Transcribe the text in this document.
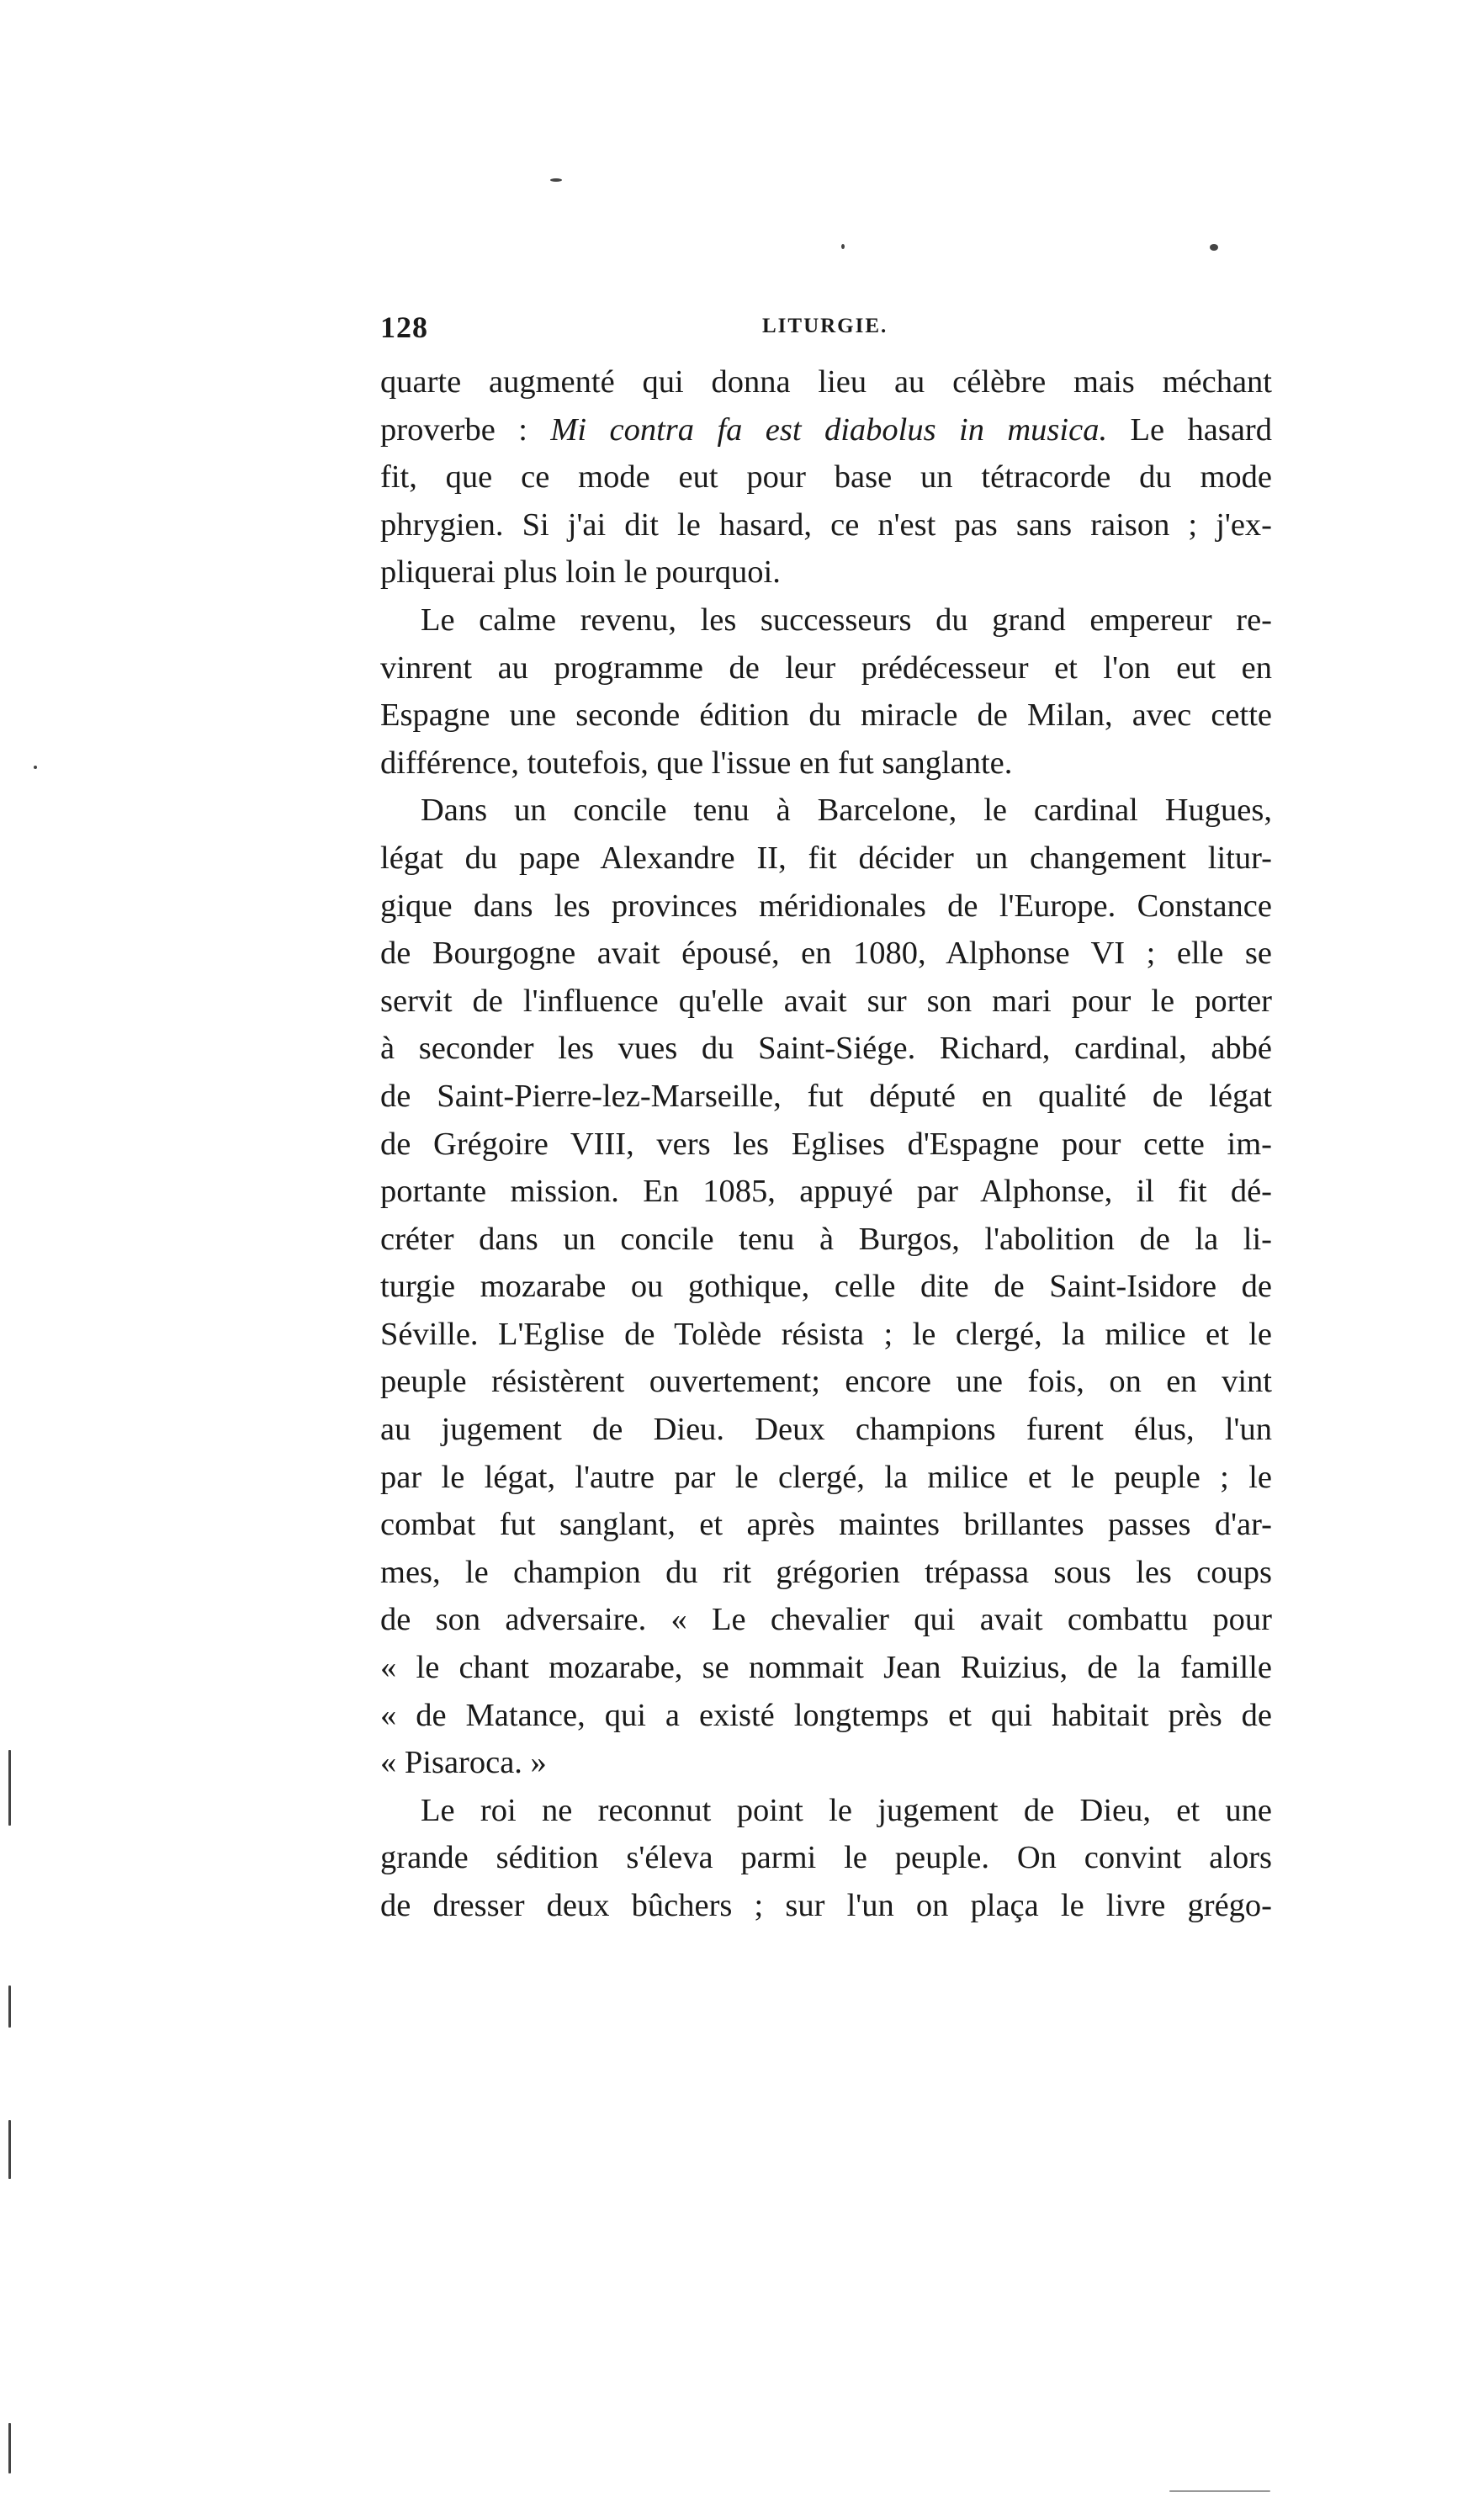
128	LITURGIE.
quarte augmenté qui donna lieu au célèbre mais méchant
proverbe : Mi contra fa est diabolus in musica. Le hasard
fit, que ce mode eut pour base un tétracorde du mode
phrygien. Si j'ai dit le hasard, ce n'est pas sans raison ; j'ex-
pliquerai plus loin le pourquoi.
Le calme revenu, les successeurs du grand empereur re-
vinrent au programme de leur prédécesseur et l'on eut en
Espagne une seconde édition du miracle de Milan, avec cette
différence, toutefois, que l'issue en fut sanglante.
Dans un concile tenu à Barcelone, le cardinal Hugues,
légat du pape Alexandre II, fit décider un changement litur-
gique dans les provinces méridionales de l'Europe. Constance
de Bourgogne avait épousé, en 1080, Alphonse VI ; elle se
servit de l'influence qu'elle avait sur son mari pour le porter
à seconder les vues du Saint-Siége. Richard, cardinal, abbé
de Saint-Pierre-lez-Marseille, fut député en qualité de légat
de Grégoire VIII, vers les Eglises d'Espagne pour cette im-
portante mission. En 1085, appuyé par Alphonse, il fit dé-
créter dans un concile tenu à Burgos, l'abolition de la li-
turgie mozarabe ou gothique, celle dite de Saint-Isidore de
Séville. L'Eglise de Tolède résista ; le clergé, la milice et le
peuple résistèrent ouvertement; encore une fois, on en vint
au jugement de Dieu. Deux champions furent élus, l'un
par le légat, l'autre par le clergé, la milice et le peuple ; le
combat fut sanglant, et après maintes brillantes passes d'ar-
mes, le champion du rit grégorien trépassa sous les coups
de son adversaire. « Le chevalier qui avait combattu pour
« le chant mozarabe, se nommait Jean Ruizius, de la famille
« de Matance, qui a existé longtemps et qui habitait près de
« Pisaroca. »
Le roi ne reconnut point le jugement de Dieu, et une
grande sédition s'éleva parmi le peuple. On convint alors
de dresser deux bûchers ; sur l'un on plaça le livre grégo-
